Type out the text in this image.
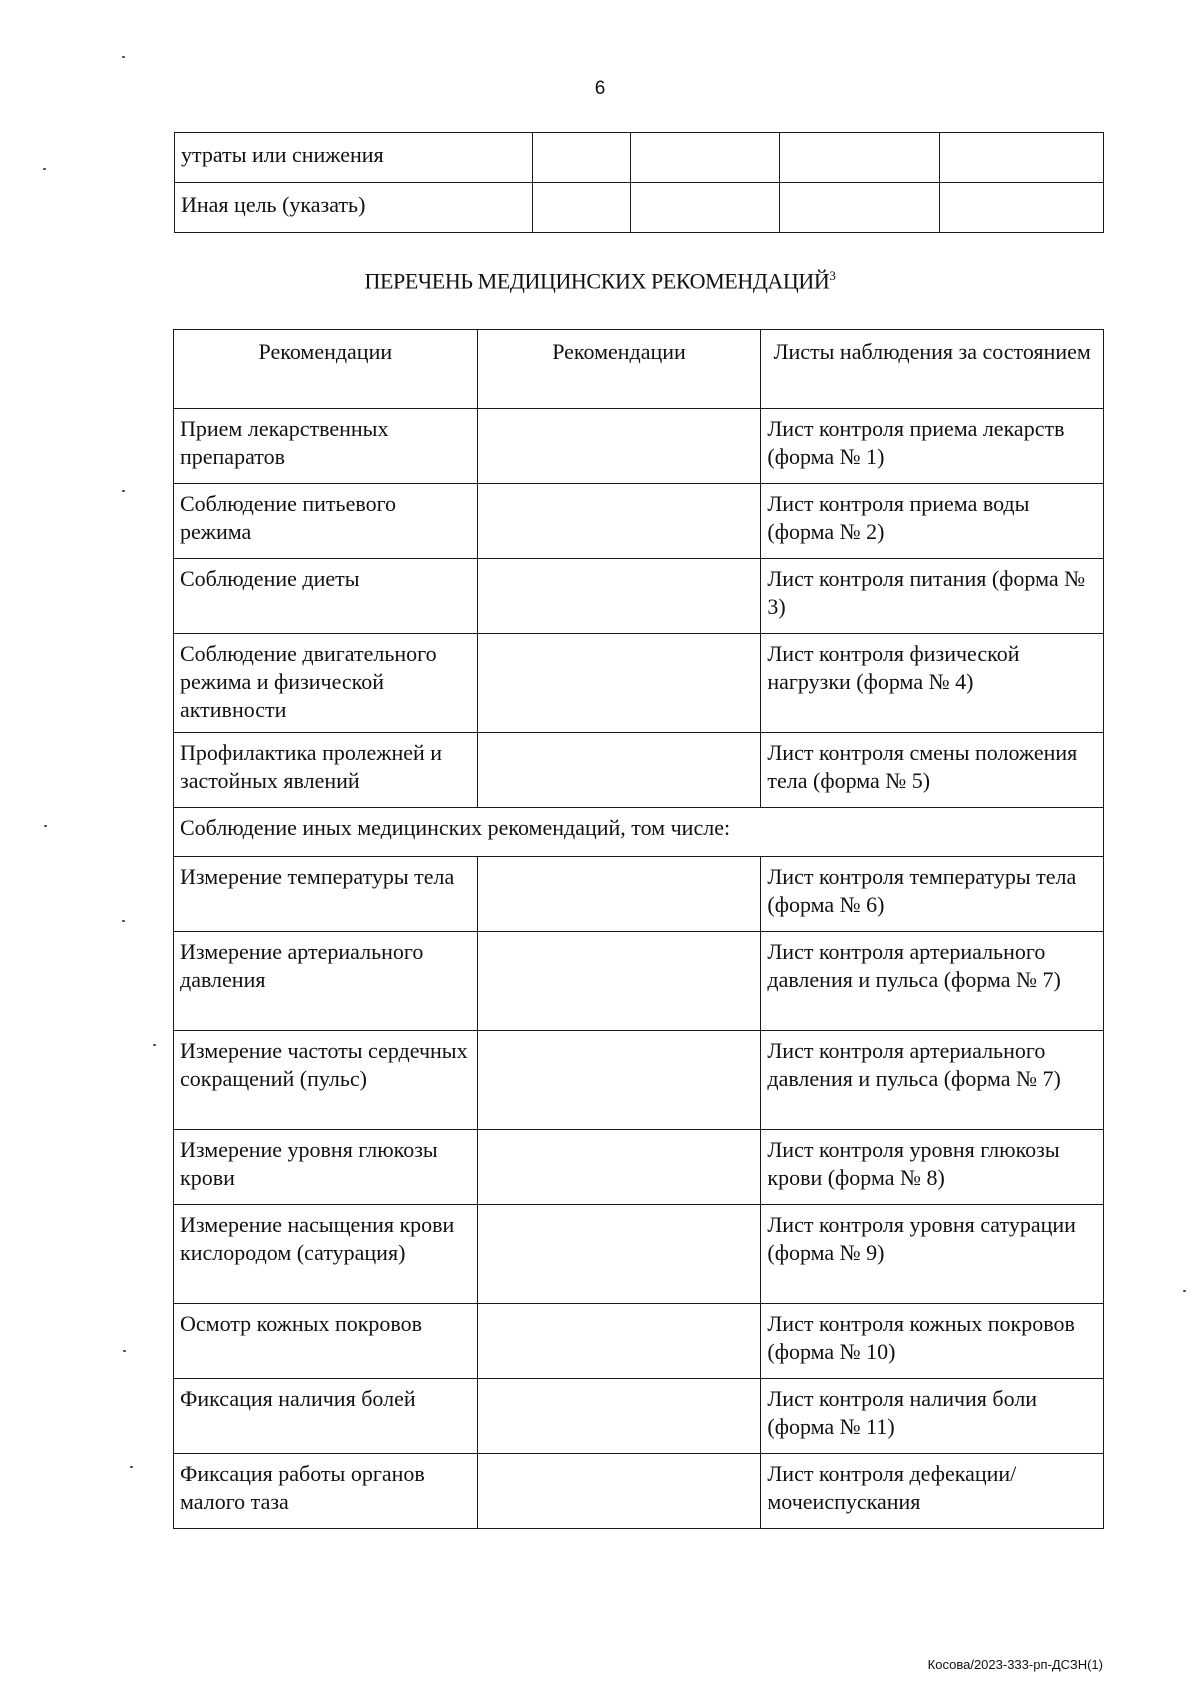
6
утраты или снижения				
Иная цель (указать)				
ПЕРЕЧЕНЬ МЕДИЦИНСКИХ РЕКОМЕНДАЦИЙ$^3$
Рекомендации	Рекомендации	Листы наблюдения за состоянием
Прием лекарственных препаратов		Лист контроля приема лекарств (форма № 1)
Соблюдение питьевого режима		Лист контроля приема воды (форма № 2)
Соблюдение диеты		Лист контроля питания (форма № 3)
Соблюдение двигательного режима и физической активности		Лист контроля физической нагрузки (форма № 4)
Профилактика пролежней и застойных явлений		Лист контроля смены положения тела (форма № 5)
Соблюдение иных медицинских рекомендаций, том числе:		
Измерение температуры тела		Лист контроля температуры тела (форма № 6)
Измерение артериального давления		Лист контроля артериального давления и пульса (форма № 7)
Измерение частоты сердечных сокращений (пульс)		Лист контроля артериального давления и пульса (форма № 7)
Измерение уровня глюкозы крови		Лист контроля уровня глюкозы крови (форма № 8)
Измерение насыщения крови кислородом (сатурация)		Лист контроля уровня сатурации (форма № 9)
Осмотр кожных покровов		Лист контроля кожных покровов (форма № 10)
Фиксация наличия болей		Лист контроля наличия боли (форма № 11)
Фиксация работы органов малого таза		Лист контроля дефекации/мочеиспускания
Косова/2023-333-рп-ДСЗН(1)
